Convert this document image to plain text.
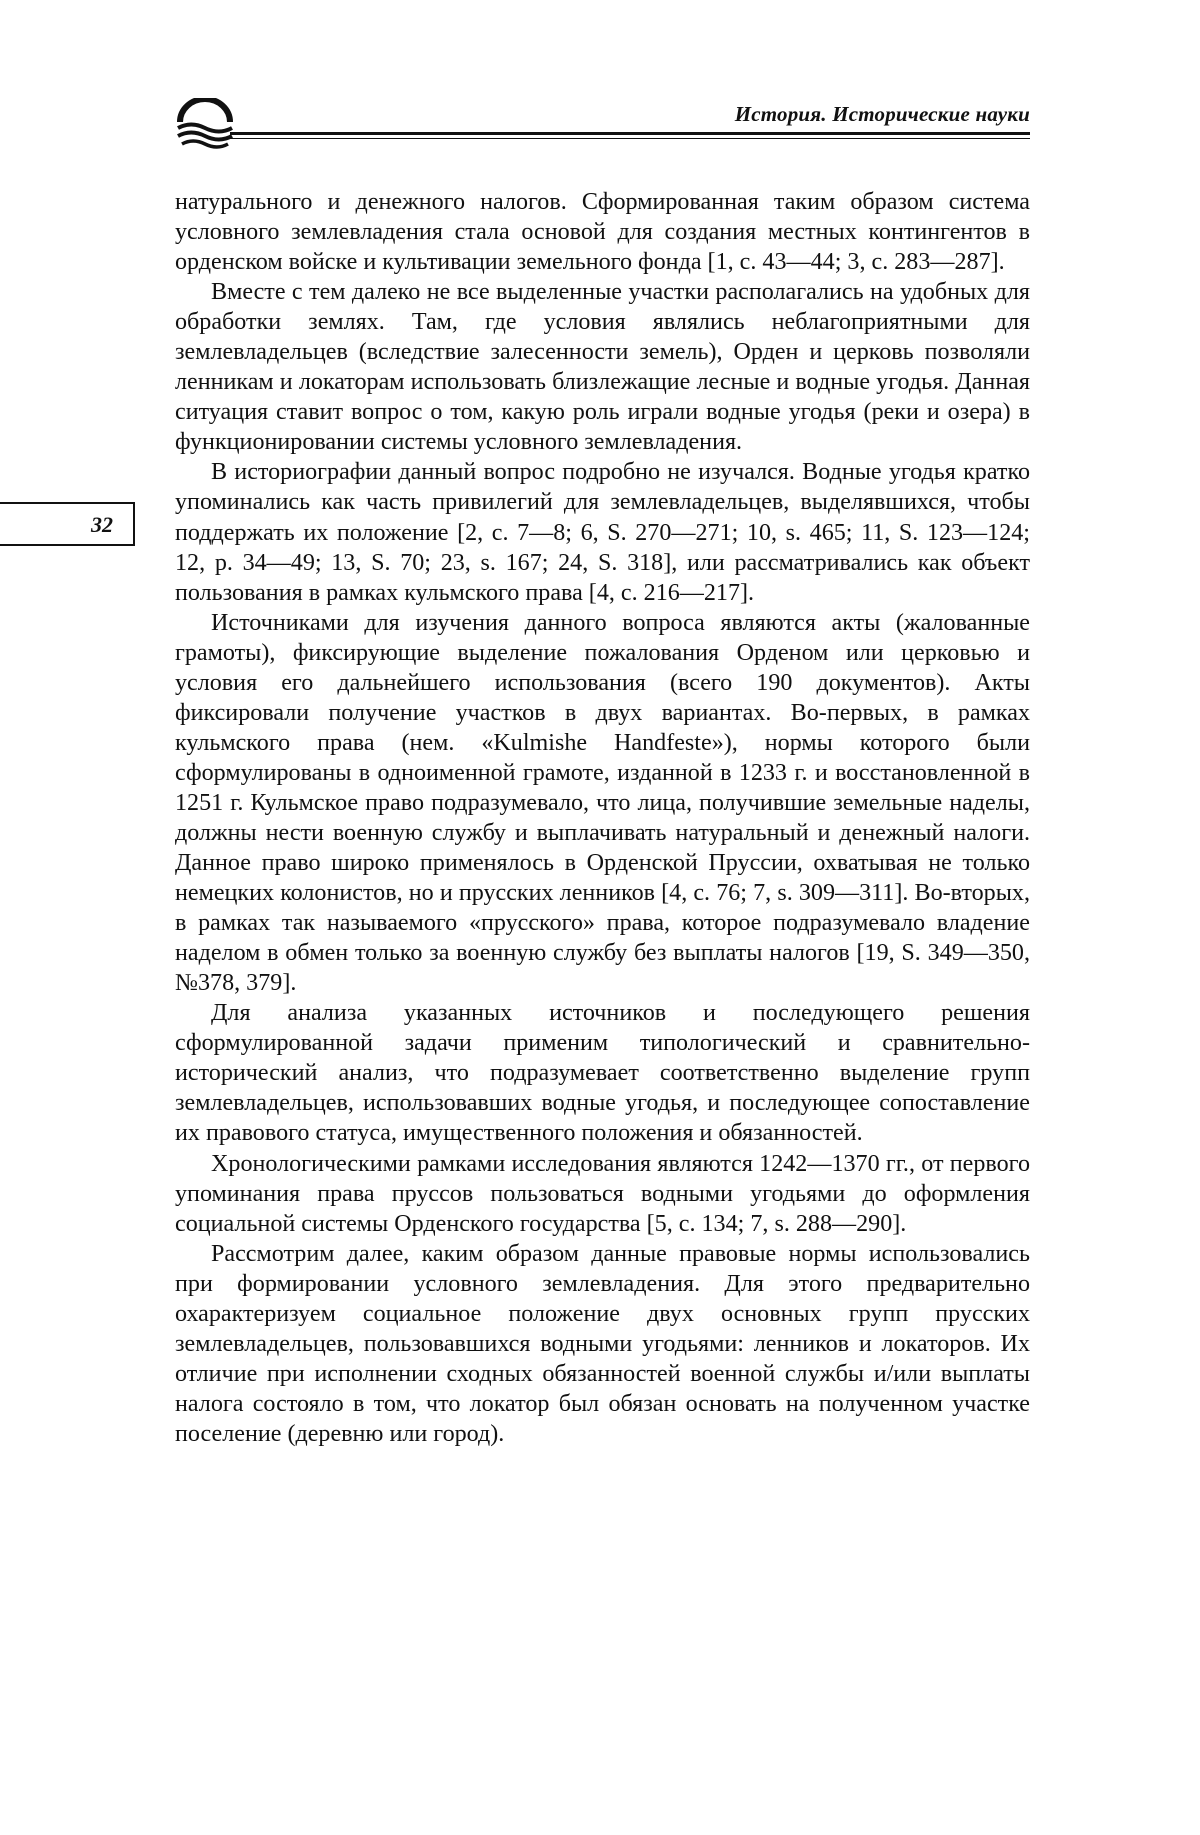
История. Исторические науки
32

натурального и денежного налогов. Сформированная таким образом система условного землевладения стала основой для создания местных контингентов в орденском войске и культивации земельного фонда [1, с. 43—44; 3, с. 283—287].

Вместе с тем далеко не все выделенные участки располагались на удобных для обработки землях. Там, где условия являлись неблагоприятными для землевладельцев (вследствие залесенности земель), Орден и церковь позволяли ленникам и локаторам использовать близлежащие лесные и водные угодья. Данная ситуация ставит вопрос о том, какую роль играли водные угодья (реки и озера) в функционировании системы условного землевладения.

В историографии данный вопрос подробно не изучался. Водные угодья кратко упоминались как часть привилегий для землевладельцев, выделявшихся, чтобы поддержать их положение [2, с. 7—8; 6, S. 270—271; 10, s. 465; 11, S. 123—124; 12, p. 34—49; 13, S. 70; 23, s. 167; 24, S. 318], или рассматривались как объект пользования в рамках кульмского права [4, с. 216—217].

Источниками для изучения данного вопроса являются акты (жалованные грамоты), фиксирующие выделение пожалования Орденом или церковью и условия его дальнейшего использования (всего 190 документов). Акты фиксировали получение участков в двух вариантах. Во-первых, в рамках кульмского права (нем. «Kulmishe Handfeste»), нормы которого были сформулированы в одноименной грамоте, изданной в 1233 г. и восстановленной в 1251 г. Кульмское право подразумевало, что лица, получившие земельные наделы, должны нести военную службу и выплачивать натуральный и денежный налоги. Данное право широко применялось в Орденской Пруссии, охватывая не только немецких колонистов, но и прусских ленников [4, с. 76; 7, s. 309—311]. Во-вторых, в рамках так называемого «прусского» права, которое подразумевало владение наделом в обмен только за военную службу без выплаты налогов [19, S. 349—350, №378, 379].

Для анализа указанных источников и последующего решения сформулированной задачи применим типологический и сравнительно-исторический анализ, что подразумевает соответственно выделение групп землевладельцев, использовавших водные угодья, и последующее сопоставление их правового статуса, имущественного положения и обязанностей.

Хронологическими рамками исследования являются 1242—1370 гг., от первого упоминания права пруссов пользоваться водными угодьями до оформления социальной системы Орденского государства [5, с. 134; 7, s. 288—290].

Рассмотрим далее, каким образом данные правовые нормы использовались при формировании условного землевладения. Для этого предварительно охарактеризуем социальное положение двух основных групп прусских землевладельцев, пользовавшихся водными угодьями: ленников и локаторов. Их отличие при исполнении сходных обязанностей военной службы и/или выплаты налога состояло в том, что локатор был обязан основать на полученном участке поселение (деревню или город).
